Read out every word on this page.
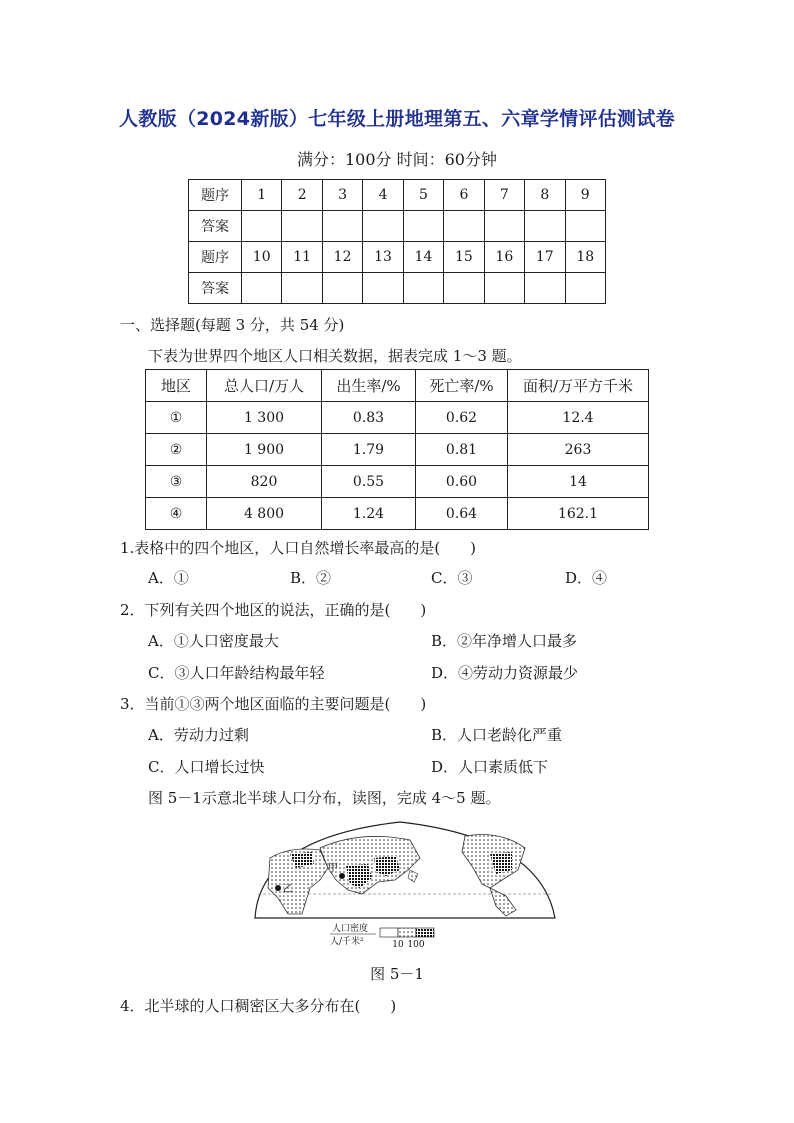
人教版（2024新版）七年级上册地理第五、六章学情评估测试卷
满分：100分 时间：60分钟
题序	1	2	3	4	5	6	7	8	9
答案									
题序	10	11	12	13	14	15	16	17	18
答案									
一、选择题(每题 3 分，共 54 分)
下表为世界四个地区人口相关数据，据表完成 1～3 题。
地区	总人口/万人	出生率/%	死亡率/%	面积/万平方千米
①	1 300	0.83	0.62	12.4
②	1 900	1.79	0.81	263
③	820	0.55	0.60	14
④	4 800	1.24	0.64	162.1
1.表格中的四个地区，人口自然增长率最高的是(　　)
A．①	B．②	C．③	D．④
2．下列有关四个地区的说法，正确的是(　　)
A．①人口密度最大	B．②年净增人口最多
C．③人口年龄结构最年轻	D．④劳动力资源最少
3．当前①③两个地区面临的主要问题是(　　)
A．劳动力过剩	B．人口老龄化严重
C．人口增长过快	D．人口素质低下
图 5－1示意北半球人口分布，读图，完成 4～5 题。
甲
乙
人口密度
人/千米²	10 100
图 5－1
4．北半球的人口稠密区大多分布在(　　)
